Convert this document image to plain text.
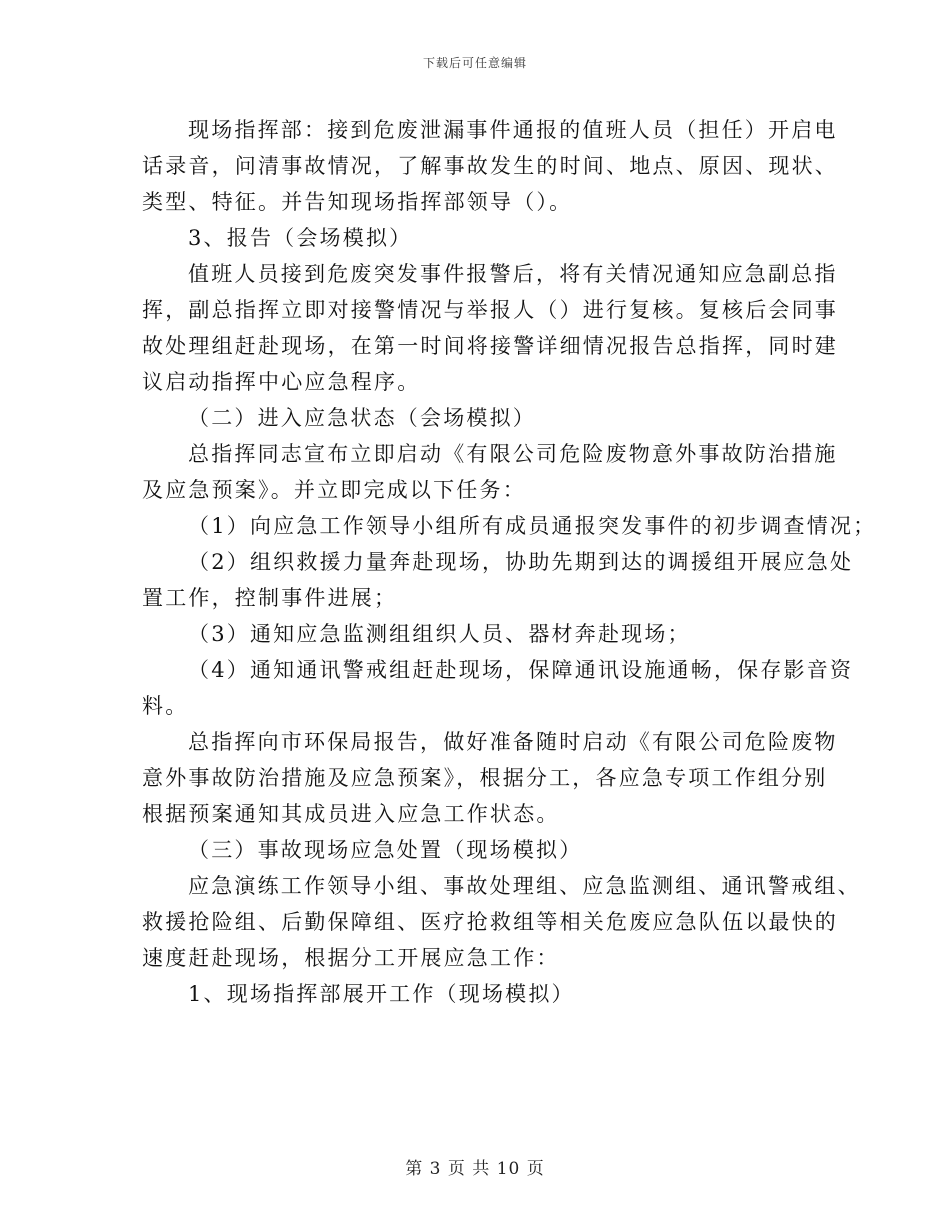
下载后可任意编辑
现场指挥部：接到危废泄漏事件通报的值班人员（担任）开启电
话录音，问清事故情况，了解事故发生的时间、地点、原因、现状、
类型、特征。并告知现场指挥部领导（）。
3、报告（会场模拟）
值班人员接到危废突发事件报警后，将有关情况通知应急副总指
挥，副总指挥立即对接警情况与举报人（）进行复核。复核后会同事
故处理组赶赴现场，在第一时间将接警详细情况报告总指挥，同时建
议启动指挥中心应急程序。
（二）进入应急状态（会场模拟）
总指挥同志宣布立即启动《有限公司危险废物意外事故防治措施
及应急预案》。并立即完成以下任务：
（1）向应急工作领导小组所有成员通报突发事件的初步调查情况；
（2）组织救援力量奔赴现场，协助先期到达的调援组开展应急处
置工作，控制事件进展；
（3）通知应急监测组组织人员、器材奔赴现场；
（4）通知通讯警戒组赶赴现场，保障通讯设施通畅，保存影音资
料。
总指挥向市环保局报告，做好准备随时启动《有限公司危险废物
意外事故防治措施及应急预案》，根据分工，各应急专项工作组分别
根据预案通知其成员进入应急工作状态。
（三）事故现场应急处置（现场模拟）
应急演练工作领导小组、事故处理组、应急监测组、通讯警戒组、
救援抢险组、后勤保障组、医疗抢救组等相关危废应急队伍以最快的
速度赶赴现场，根据分工开展应急工作：
1、现场指挥部展开工作（现场模拟）
第 3 页 共 10 页
